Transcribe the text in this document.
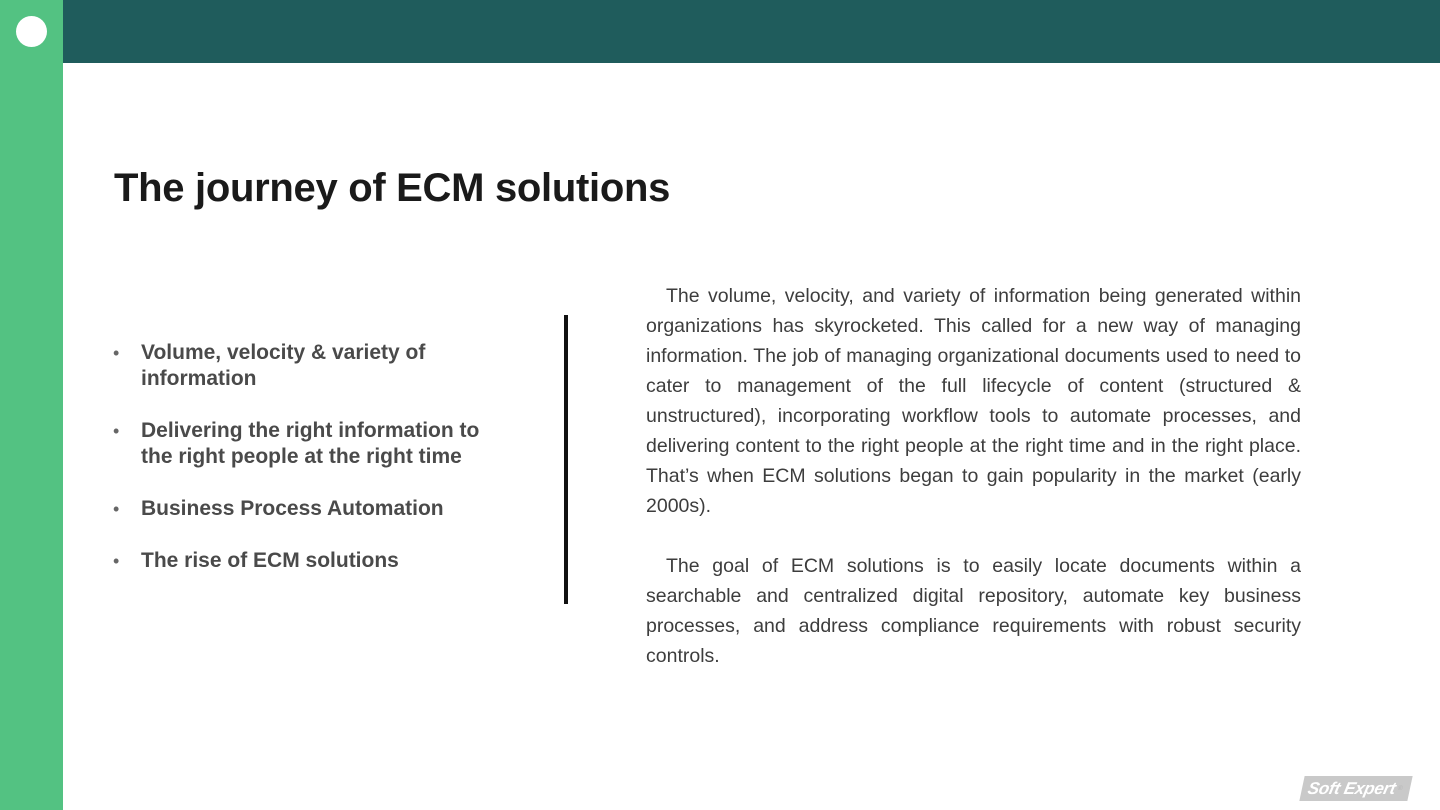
The journey of ECM solutions
• Volume, velocity & variety of information
• Delivering the right information to the right people at the right time
• Business Process Automation
• The rise of ECM solutions

The volume, velocity, and variety of information being generated within organizations has skyrocketed. This called for a new way of managing information. The job of managing organizational documents used to need to cater to management of the full lifecycle of content (structured & unstructured), incorporating workflow tools to automate processes, and delivering content to the right people at the right time and in the right place. That’s when ECM solutions began to gain popularity in the market (early 2000s).

The goal of ECM solutions is to easily locate documents within a searchable and centralized digital repository, automate key business processes, and address compliance requirements with robust security controls.

Soft Expert®
